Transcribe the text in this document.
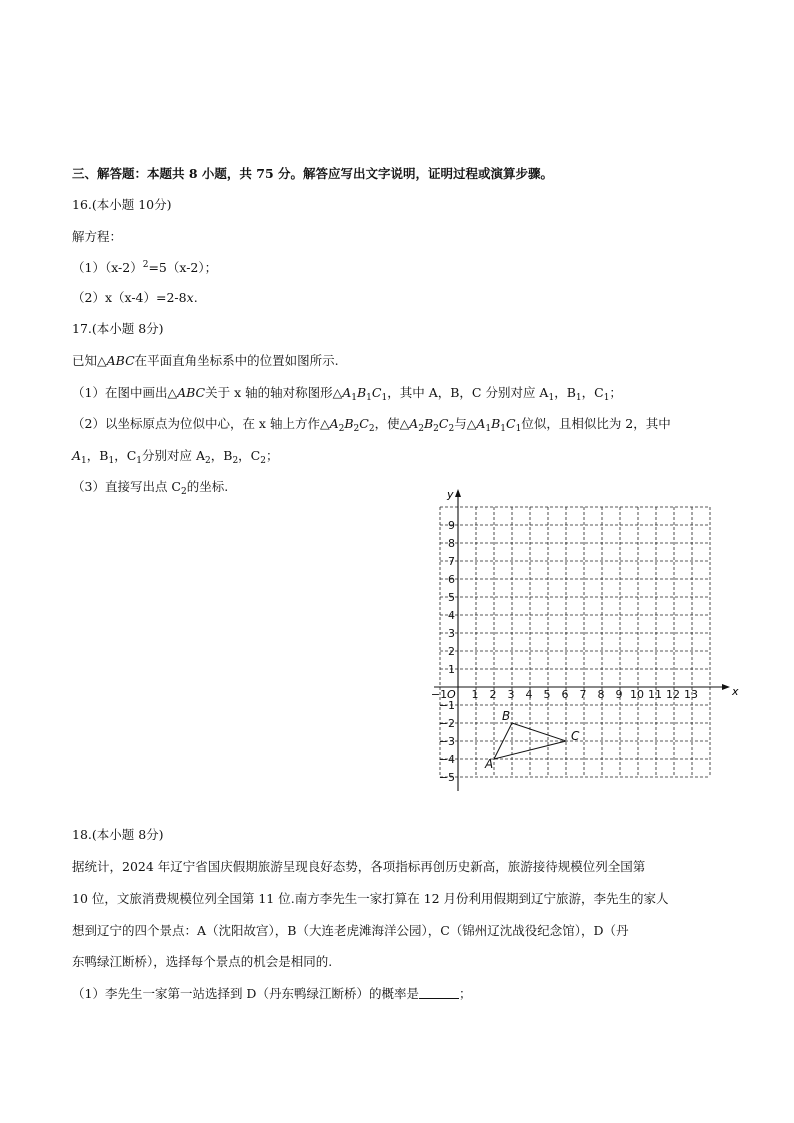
三、解答题：本题共 8 小题，共 75 分。解答应写出文字说明，证明过程或演算步骤。
16.(本小题 10分)
解方程：
$(1)(x-2)^2=5(x-2)$；
（2）x（x-4）=2-8x.
17.(本小题 8分)
已知△ABC在平面直角坐标系中的位置如图所示.
（1）在图中画出△ABC关于 x 轴的轴对称图形$\triangle A_1B_1C_1$，其中 A，B，C 分别对应 $A_1$，$B_1$，$C_1$；
（2）以坐标原点为位似中心，在 x 轴上方作$\triangle A_2B_2C_2$，使$\triangle A_2B_2C_2$与$\triangle A_1B_1C_1$位似，且相似比为 2，其中
$A_1$，$B_1$，$C_1$分别对应 $A_2$，$B_2$，$C_2$；
（3）直接写出点 $C_2$的坐标.
−1 1 2 3 4 5 6 7 8 9 10 11 12 13
9
8
7
6
5
4
3
2
1
−1
−2
−3
−4
−5
A
B
C
O	x
y
18.(本小题 8分)
据统计，2024 年辽宁省国庆假期旅游呈现良好态势，各项指标再创历史新高，旅游接待规模位列全国第
10 位，文旅消费规模位列全国第 11 位.南方李先生一家打算在 12 月份利用假期到辽宁旅游，李先生的家人
想到辽宁的四个景点：A（沈阳故宫），B（大连老虎滩海洋公园），C（锦州辽沈战役纪念馆），D（丹
东鸭绿江断桥），选择每个景点的机会是相同的.
（1）李先生一家第一站选择到 D（丹东鸭绿江断桥）的概率是	；
